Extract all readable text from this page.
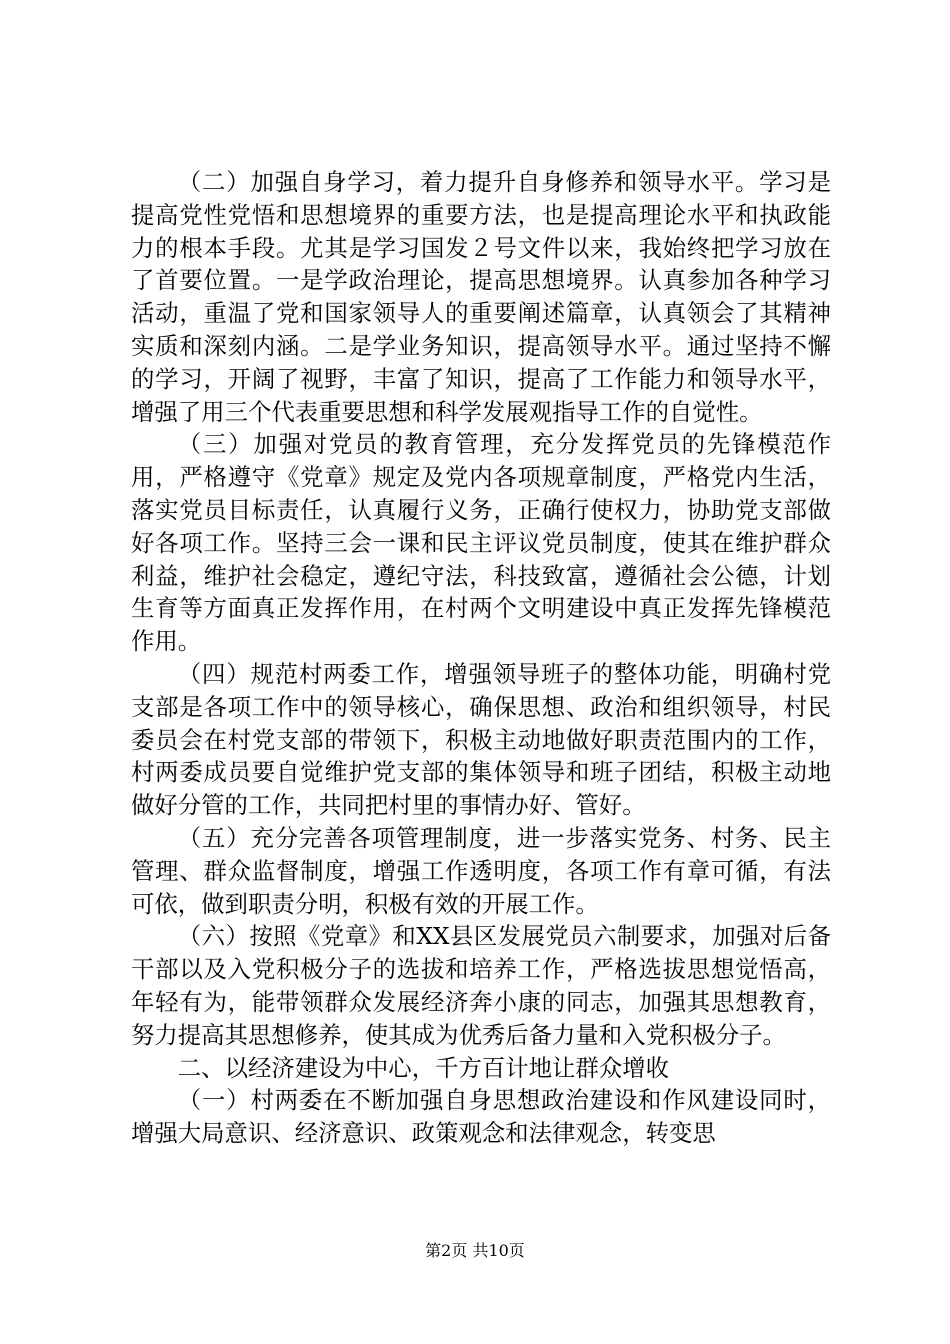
（二）加强自身学习，着力提升自身修养和领导水平。学习是提高党性党悟和思想境界的重要方法，也是提高理论水平和执政能力的根本手段。尤其是学习国发２号文件以来，我始终把学习放在了首要位置。一是学政治理论，提高思想境界。认真参加各种学习活动，重温了党和国家领导人的重要阐述篇章，认真领会了其精神实质和深刻内涵。二是学业务知识，提高领导水平。通过坚持不懈的学习，开阔了视野，丰富了知识，提高了工作能力和领导水平，增强了用三个代表重要思想和科学发展观指导工作的自觉性。

（三）加强对党员的教育管理，充分发挥党员的先锋模范作用，严格遵守《党章》规定及党内各项规章制度，严格党内生活，落实党员目标责任，认真履行义务，正确行使权力，协助党支部做好各项工作。坚持三会一课和民主评议党员制度，使其在维护群众利益，维护社会稳定，遵纪守法，科技致富，遵循社会公德，计划生育等方面真正发挥作用，在村两个文明建设中真正发挥先锋模范作用。

（四）规范村两委工作，增强领导班子的整体功能，明确村党支部是各项工作中的领导核心，确保思想、政治和组织领导，村民委员会在村党支部的带领下，积极主动地做好职责范围内的工作，村两委成员要自觉维护党支部的集体领导和班子团结，积极主动地做好分管的工作，共同把村里的事情办好、管好。

（五）充分完善各项管理制度，进一步落实党务、村务、民主管理、群众监督制度，增强工作透明度，各项工作有章可循，有法可依，做到职责分明，积极有效的开展工作。

（六）按照《党章》和XX县区发展党员六制要求，加强对后备干部以及入党积极分子的选拔和培养工作，严格选拔思想觉悟高，年轻有为，能带领群众发展经济奔小康的同志，加强其思想教育，努力提高其思想修养，使其成为优秀后备力量和入党积极分子。

二、以经济建设为中心，千方百计地让群众增收

（一）村两委在不断加强自身思想政治建设和作风建设同时，增强大局意识、经济意识、政策观念和法律观念，转变思

第2页 共10页
